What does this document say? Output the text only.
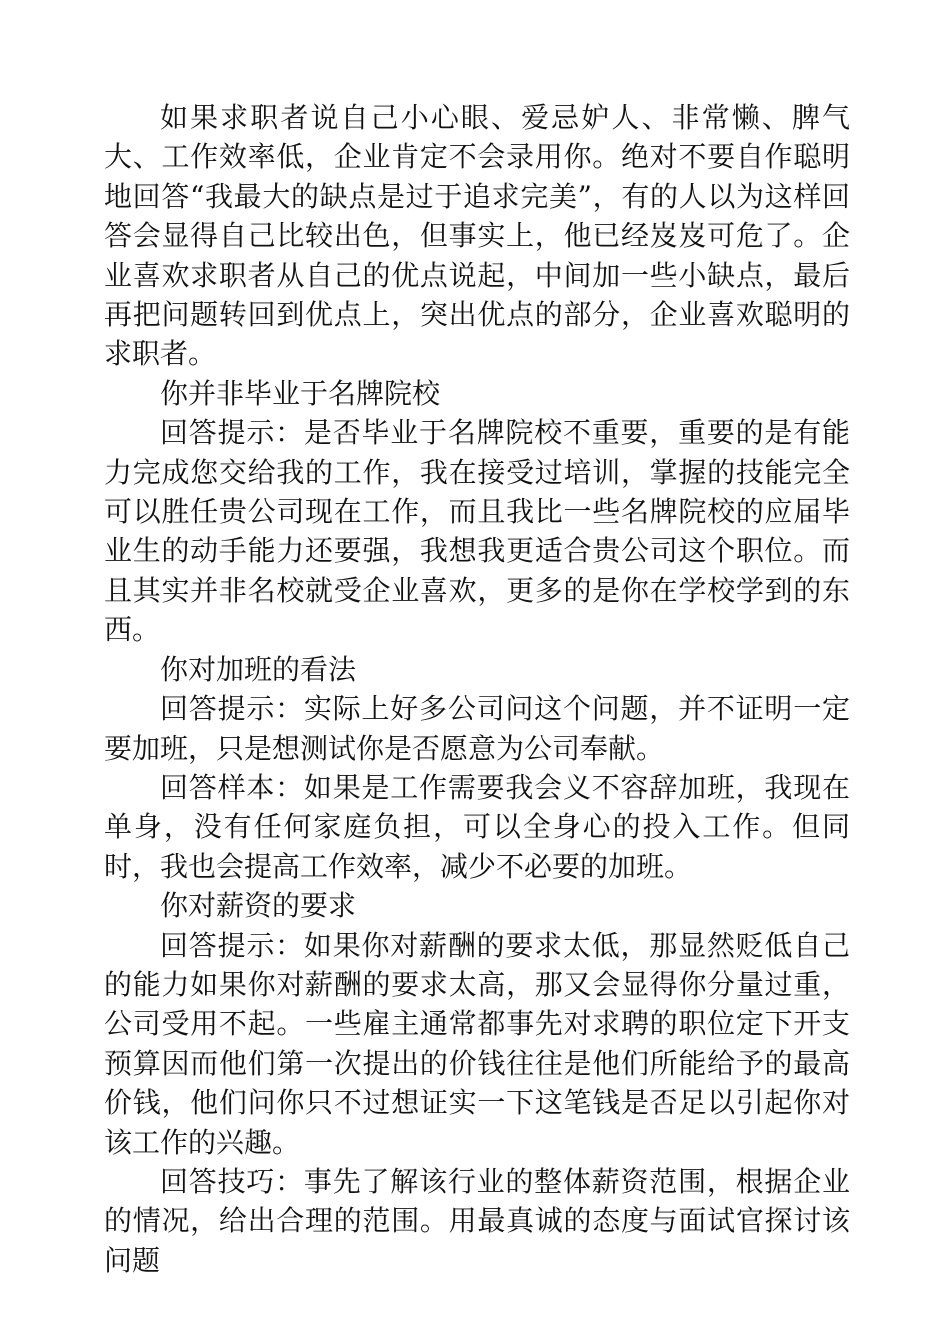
如果求职者说自己小心眼、爱忌妒人、非常懒、脾气大、工作效率低，企业肯定不会录用你。绝对不要自作聪明地回答“我最大的缺点是过于追求完美”，有的人以为这样回答会显得自己比较出色，但事实上，他已经岌岌可危了。企业喜欢求职者从自己的优点说起，中间加一些小缺点，最后再把问题转回到优点上，突出优点的部分，企业喜欢聪明的求职者。

你并非毕业于名牌院校

回答提示：是否毕业于名牌院校不重要，重要的是有能力完成您交给我的工作，我在接受过培训，掌握的技能完全可以胜任贵公司现在工作，而且我比一些名牌院校的应届毕业生的动手能力还要强，我想我更适合贵公司这个职位。而且其实并非名校就受企业喜欢，更多的是你在学校学到的东西。

你对加班的看法

回答提示：实际上好多公司问这个问题，并不证明一定要加班，只是想测试你是否愿意为公司奉献。

回答样本：如果是工作需要我会义不容辞加班，我现在单身，没有任何家庭负担，可以全身心的投入工作。但同时，我也会提高工作效率，减少不必要的加班。

你对薪资的要求

回答提示：如果你对薪酬的要求太低，那显然贬低自己的能力如果你对薪酬的要求太高，那又会显得你分量过重，公司受用不起。一些雇主通常都事先对求聘的职位定下开支预算因而他们第一次提出的价钱往往是他们所能给予的最高价钱，他们问你只不过想证实一下这笔钱是否足以引起你对该工作的兴趣。

回答技巧：事先了解该行业的整体薪资范围，根据企业的情况，给出合理的范围。用最真诚的态度与面试官探讨该问题
